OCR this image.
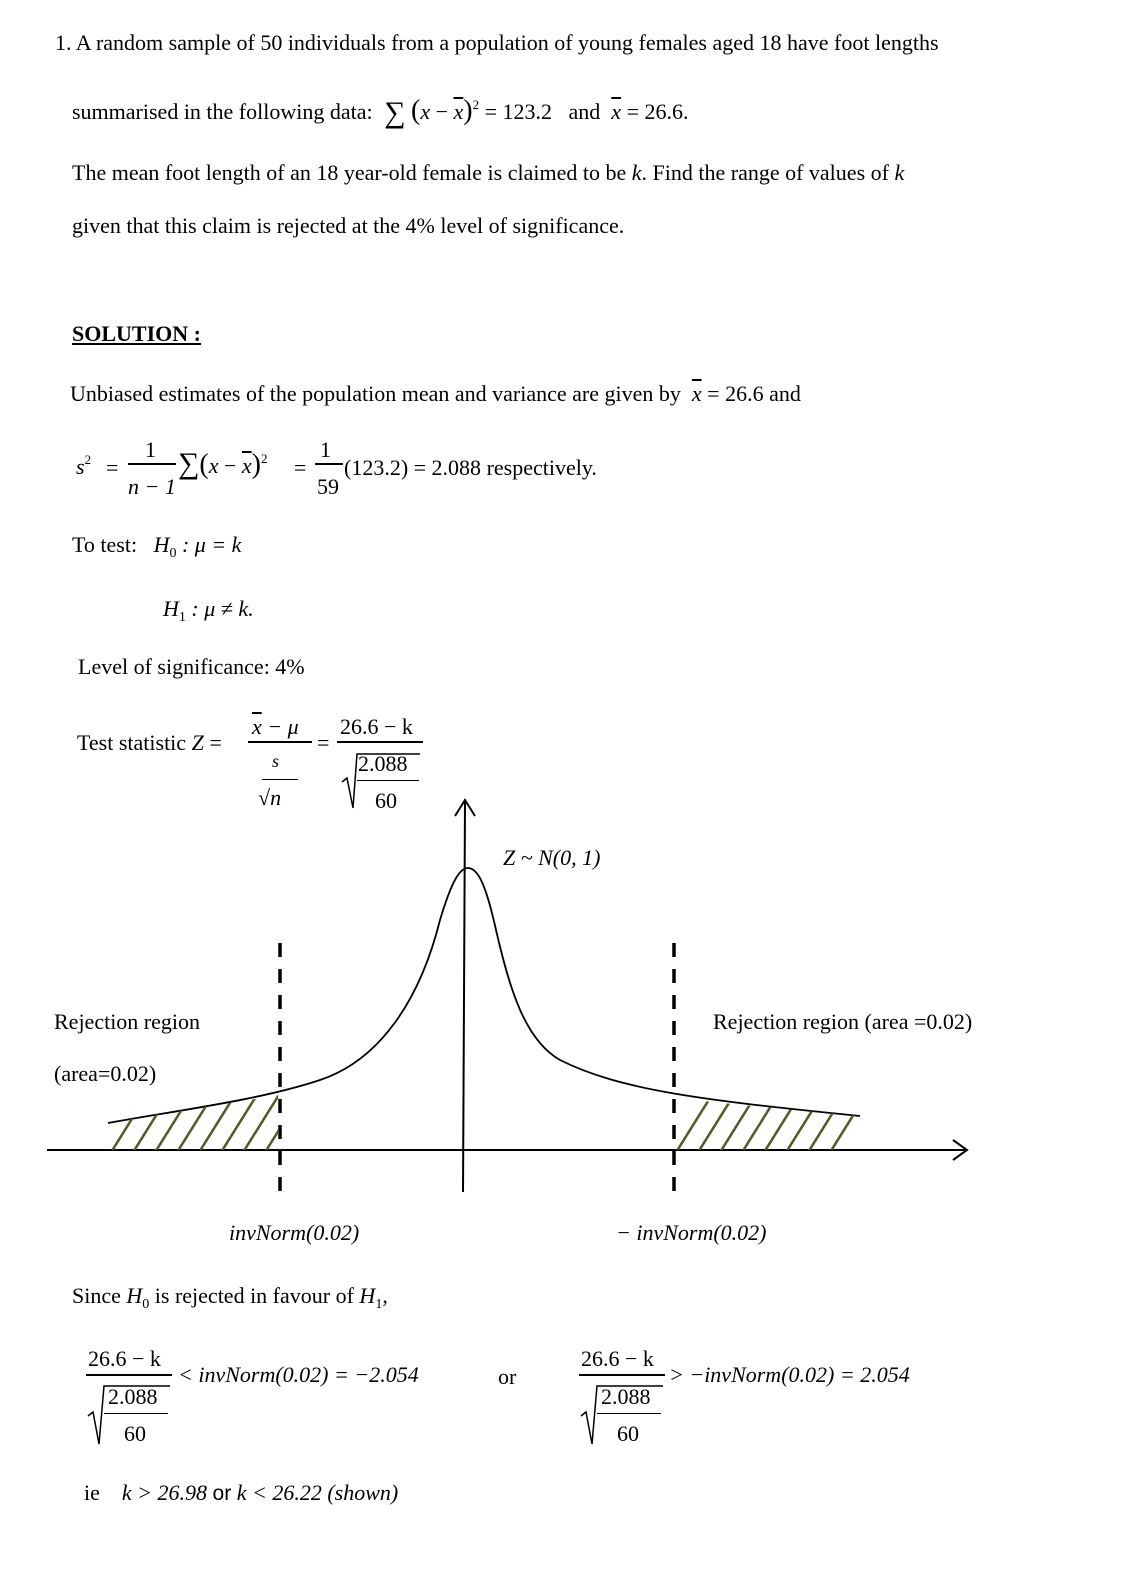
1. A random sample of 50 individuals from a population of young females aged 18 have foot lengths
summarised in the following data: ∑ $(x - \overline{x})^2 = 123.2$ and $\overline{x} = 26.6$.
The mean foot length of an 18 year-old female is claimed to be k. Find the range of values of k
given that this claim is rejected at the 4% level of significance.
SOLUTION :
Unbiased estimates of the population mean and variance are given by $\overline{x} = 26.6$ and
$s^2$ =
1
n − 1
$\sum(x - \overline{x})^2$ =
1
59
(123.2) = 2.088 respectively.
To test: $H_0$ : μ = k
$H_1$ : μ ≠ k.
Level of significance: 4%
Test statistic Z =
$\overline{x} - \mu$
s
√n
=
26.6 − k
2.088
60
Z ~ N(0, 1)
Rejection region
(area=0.02)
Rejection region (area =0.02)
invNorm(0.02)	− invNorm(0.02)
Since $H_0$ is rejected in favour of $H_1$,
26.6 − k
2.088
60
< invNorm(0.02) = −2.054	or
26.6 − k
2.088
60
> −invNorm(0.02) = 2.054
ie k > 26.98 or k < 26.22 (shown)
